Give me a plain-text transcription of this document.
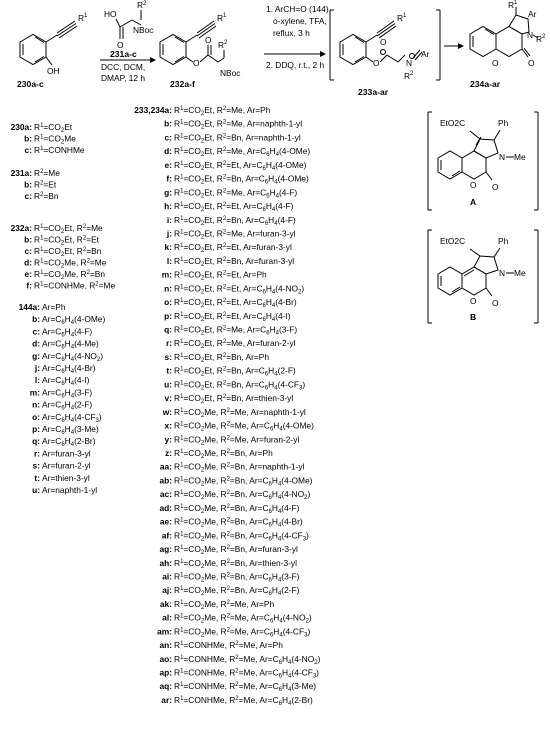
OH
R 1
230a-c
HO
O
R 2
NBoc
231a-c
DCC, DCM,
DMAP, 12 h
R 1
O
O R 2
NBoc
232a-f
1. ArCH=O (144),
o-xylene, TFA,
reflux, 3 h
2. DDQ, r.t., 2 h
R 1
O
O
N
Ar
R 2
233a-ar
R 1
Ar
N R 2
O	O
234a-ar
230a: $R^1=CO_2Et$
b: $R^1=CO_2Me$
c: $R^1=CONHMe$
231a: $R^2=Me$
b: $R^2=Et$
c: $R^2=Bn$
232a: $R^1=CO_2Et$, $R^2=Me$
b: $R^1=CO_2Et$, $R^2=Et$
c: $R^1=CO_2Et$, $R^2=Bn$
d: $R^1=CO_2Me$, $R^2=Me$
e: $R^1=CO_2Me$, $R^2=Bn$
f: $R^1=CONHMe$, $R^2=Me$
144a: Ar=Ph
b: $Ar=C_6H_4(4-OMe)$
c: $Ar=C_6H_4(4-F)$
d: $Ar=C_6H_4(4-Me)$
g: $Ar=C_6H_4(4-NO_2)$
j: $Ar=C_6H_4(4-Br)$
l: $Ar=C_6H_4(4-I)$
m: $Ar=C_6H_4(3-F)$
n: $Ar=C_6H_4(2-F)$
o: $Ar=C_6H_4(4-CF_3)$
p: $Ar=C_6H_4(3-Me)$
q: $Ar=C_6H_4(2-Br)$
r: Ar=furan-3-yl
s: Ar=furan-2-yl
t: Ar=thien-3-yl
u: Ar=naphth-1-yl
233,234a: $R^1=CO_2Et$, $R^2=Me$, Ar=Ph
b: $R^1=CO_2Et$, $R^2=Me$, Ar=naphth-1-yl
c: $R^1=CO_2Et$, $R^2=Bn$, Ar=naphth-1-yl
d: $R^1=CO_2Et$, $R^2=Me$, $Ar=C_6H_4(4-OMe)$
e: $R^1=CO_2Et$, $R^2=Et$, $Ar=C_6H_4(4-OMe)$
f: $R^1=CO_2Et$, $R^2=Bn$, $Ar=C_6H_4(4-OMe)$
g: $R^1=CO_2Et$, $R^2=Me$, $Ar=C_6H_4(4-F)$
h: $R^1=CO_2Et$, $R^2=Et$, $Ar=C_6H_4(4-F)$
i: $R^1=CO_2Et$, $R^2=Bn$, $Ar=C_6H_4(4-F)$
j: $R^1=CO_2Et$, $R^2=Me$, Ar=furan-3-yl
k: $R^1=CO_2Et$, $R^2=Et$, Ar=furan-3-yl
l: $R^1=CO_2Et$, $R^2=Bn$, Ar=furan-3-yl
m: $R^1=CO_2Et$, $R^2=Et$, Ar=Ph
n: $R^1=CO_2Et$, $R^2=Et$, $Ar=C_6H_4(4-NO_2)$
o: $R^1=CO_2Et$, $R^2=Et$, $Ar=C_6H_4(4-Br)$
p: $R^1=CO_2Et$, $R^2=Et$, $Ar=C_6H_4(4-I)$
q: $R^1=CO_2Et$, $R^2=Me$, $Ar=C_6H_4(3-F)$
r: $R^1=CO_2Et$, $R^2=Me$, Ar=furan-2-yl
s: $R^1=CO_2Et$, $R^2=Bn$, Ar=Ph
t: $R^1=CO_2Et$, $R^2=Bn$, $Ar=C_6H_4(2-F)$
u: $R^1=CO_2Et$, $R^2=Bn$, $Ar=C_6H_4(4-CF_3)$
v: $R^1=CO_2Et$, $R^2=Bn$, Ar=thien-3-yl
w: $R^1=CO_2Me$, $R^2=Me$, Ar=naphth-1-yl
x: $R^1=CO_2Me$, $R^2=Me$, $Ar=C_6H_4(4-OMe)$
y: $R^1=CO_2Me$, $R^2=Me$, Ar=furan-2-yl
z: $R^1=CO_2Me$, $R^2=Bn$, Ar=Ph
aa: $R^1=CO_2Me$, $R^2=Bn$, Ar=naphth-1-yl
ab: $R^1=CO_2Me$, $R^2=Bn$, $Ar=C_6H_4(4-OMe)$
ac: $R^1=CO_2Me$, $R^2=Bn$, $Ar=C_6H_4(4-NO_2)$
ad: $R^1=CO_2Me$, $R^2=Bn$, $Ar=C_6H_4(4-F)$
ae: $R^1=CO_2Me$, $R^2=Bn$, $Ar=C_6H_4(4-Br)$
af: $R^1=CO_2Me$, $R^2=Bn$, $Ar=C_6H_4(4-CF_3)$
ag: $R^1=CO_2Me$, $R^2=Bn$, Ar=furan-3-yl
ah: $R^1=CO_2Me$, $R^2=Bn$, Ar=thien-3-yl
ai: $R^1=CO_2Me$, $R^2=Bn$, $Ar=C_6H_4(3-F)$
aj: $R^1=CO_2Me$, $R^2=Bn$, $Ar=C_6H_4(2-F)$
ak: $R^1=CO_2Me$, $R^2=Me$, Ar=Ph
al: $R^1=CO_2Me$, $R^2=Me$, $Ar=C_6H_4(4-NO_2)$
am: $R^1=CO_2Me$, $R^2=Me$, $Ar=C_6H_4(4-CF_3)$
an: $R^1=CONHMe$, $R^2=Me$, Ar=Ph
ao: $R^1=CONHMe$, $R^2=Me$, $Ar=C_6H_4(4-NO_2)$
ap: $R^1=CONHMe$, $R^2=Me$, $Ar=C_6H_4(4-CF_3)$
aq: $R^1=CONHMe$, $R^2=Me$, $Ar=C_6H_4(3-Me)$
ar: $R^1=CONHMe$, $R^2=Me$, $Ar=C_6H_4(2-Br)$
EtO2C	Ph
N Me
O O
A
EtO2C	Ph
N Me
O O
B
